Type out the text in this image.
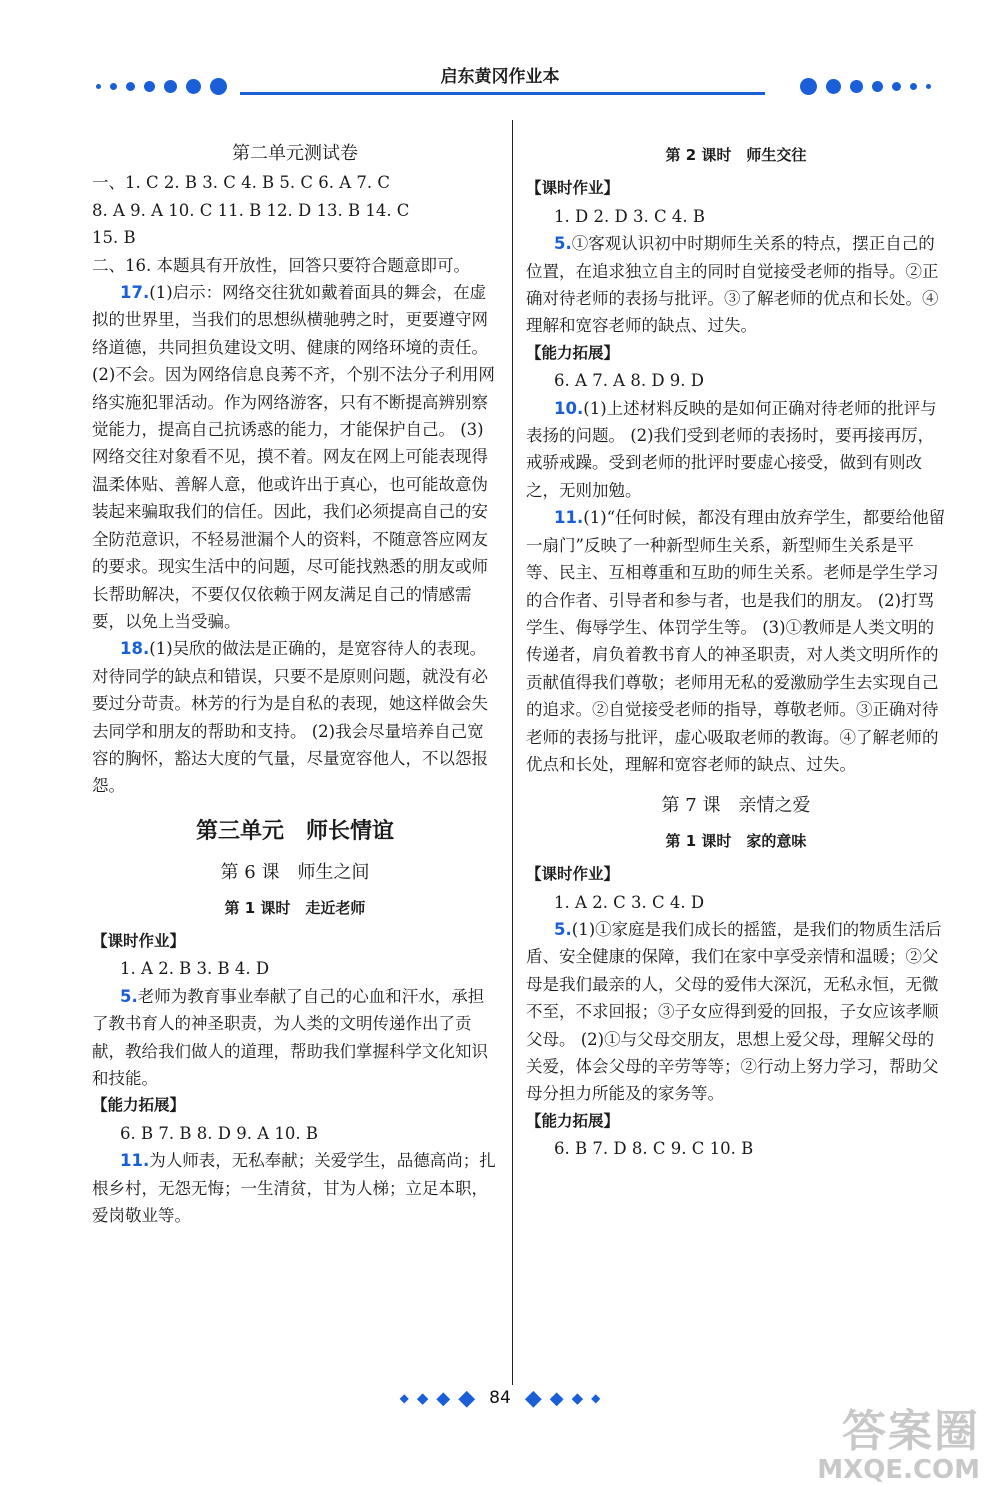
启东黄冈作业本

第二单元测试卷

一、1. C 2. B 3. C 4. B 5. C 6. A 7. C

8. A 9. A 10. C 11. B 12. D 13. B 14. C

15. B

二、16. 本题具有开放性，回答只要符合题意即可。

17.(1)启示：网络交往犹如戴着面具的舞会，在虚拟的世界里，当我们的思想纵横驰骋之时，更要遵守网络道德，共同担负建设文明、健康的网络环境的责任。 (2)不会。因为网络信息良莠不齐，个别不法分子利用网络实施犯罪活动。作为网络游客，只有不断提高辨别察觉能力，提高自己抗诱惑的能力，才能保护自己。 (3)网络交往对象看不见，摸不着。网友在网上可能表现得温柔体贴、善解人意，他或许出于真心，也可能故意伪装起来骗取我们的信任。因此，我们必须提高自己的安全防范意识，不轻易泄漏个人的资料，不随意答应网友的要求。现实生活中的问题，尽可能找熟悉的朋友或师长帮助解决，不要仅仅依赖于网友满足自己的情感需要，以免上当受骗。

18.(1)吴欣的做法是正确的，是宽容待人的表现。对待同学的缺点和错误，只要不是原则问题，就没有必要过分苛责。林芳的行为是自私的表现，她这样做会失去同学和朋友的帮助和支持。 (2)我会尽量培养自己宽容的胸怀，豁达大度的气量，尽量宽容他人，不以怨报怨。

第三单元　师长情谊

第 6 课　师生之间

第 1 课时　走近老师

【课时作业】

1. A 2. B 3. B 4. D

5.老师为教育事业奉献了自己的心血和汗水，承担了教书育人的神圣职责，为人类的文明传递作出了贡献，教给我们做人的道理，帮助我们掌握科学文化知识和技能。

【能力拓展】

6. B 7. B 8. D 9. A 10. B

11.为人师表，无私奉献；关爱学生，品德高尚；扎根乡村，无怨无悔；一生清贫，甘为人梯；立足本职，爱岗敬业等。

第 2 课时　师生交往

【课时作业】

1. D 2. D 3. C 4. B

5.①客观认识初中时期师生关系的特点，摆正自己的位置，在追求独立自主的同时自觉接受老师的指导。②正确对待老师的表扬与批评。③了解老师的优点和长处。④理解和宽容老师的缺点、过失。

【能力拓展】

6. A 7. A 8. D 9. D

10.(1)上述材料反映的是如何正确对待老师的批评与表扬的问题。 (2)我们受到老师的表扬时，要再接再厉，戒骄戒躁。受到老师的批评时要虚心接受，做到有则改之，无则加勉。

11.(1)“任何时候，都没有理由放弃学生，都要给他留一扇门”反映了一种新型师生关系，新型师生关系是平等、民主、互相尊重和互助的师生关系。老师是学生学习的合作者、引导者和参与者，也是我们的朋友。 (2)打骂学生、侮辱学生、体罚学生等。 (3)①教师是人类文明的传递者，肩负着教书育人的神圣职责，对人类文明所作的贡献值得我们尊敬；老师用无私的爱激励学生去实现自己的追求。②自觉接受老师的指导，尊敬老师。③正确对待老师的表扬与批评，虚心吸取老师的教诲。④了解老师的优点和长处，理解和宽容老师的缺点、过失。

第 7 课　亲情之爱

第 1 课时　家的意味

【课时作业】

1. A 2. C 3. C 4. D

5.(1)①家庭是我们成长的摇篮，是我们的物质生活后盾、安全健康的保障，我们在家中享受亲情和温暖；②父母是我们最亲的人，父母的爱伟大深沉，无私永恒，无微不至，不求回报；③子女应得到爱的回报，子女应该孝顺父母。 (2)①与父母交朋友，思想上爱父母，理解父母的关爱，体会父母的辛劳等等；②行动上努力学习，帮助父母分担力所能及的家务等。

【能力拓展】

6. B 7. D 8. C 9. C 10. B

◆ ◆ ◆ ◆ 84 ◆ ◆ ◆ ◆
答案圈
MXQE.COM
